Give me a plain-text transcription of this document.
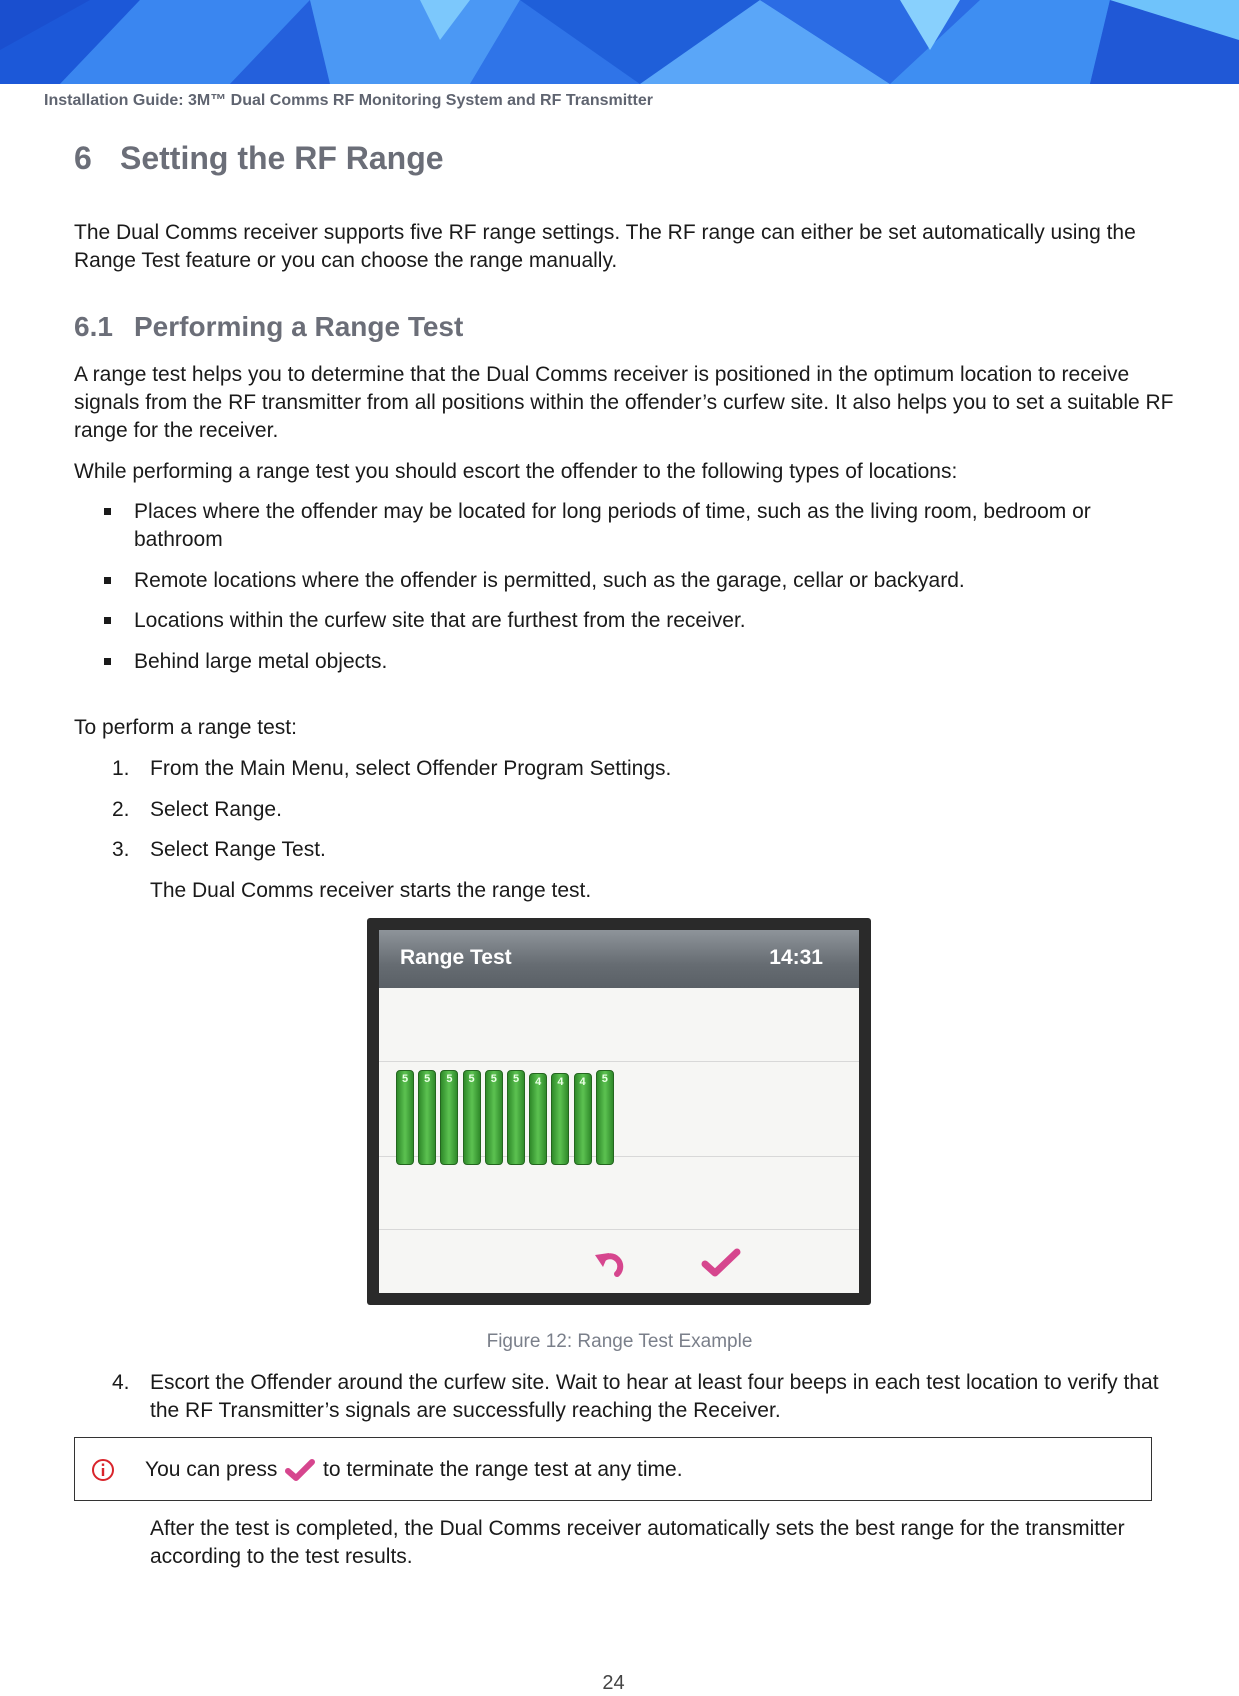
Installation Guide: 3M™ Dual Comms RF Monitoring System and RF Transmitter
6 Setting the RF Range

The Dual Comms receiver supports five RF range settings. The RF range can either be set automatically using the Range Test feature or you can choose the range manually.

6.1 Performing a Range Test

A range test helps you to determine that the Dual Comms receiver is positioned in the optimum location to receive signals from the RF transmitter from all positions within the offender’s curfew site. It also helps you to set a suitable RF range for the receiver.

While performing a range test you should escort the offender to the following types of locations:

Places where the offender may be located for long periods of time, such as the living room, bedroom or bathroom
Remote locations where the offender is permitted, such as the garage, cellar or backyard.
Locations within the curfew site that are furthest from the receiver.
Behind large metal objects.

To perform a range test:

1. From the Main Menu, select Offender Program Settings.
2. Select Range.
3. Select Range Test.
The Dual Comms receiver starts the range test.
Range Test	14:31
5	5	5	5	5	5	4	4	4	5
Figure 12: Range Test Example
4. Escort the Offender around the curfew site. Wait to hear at least four beeps in each test location to verify that the RF Transmitter’s signals are successfully reaching the Receiver.
You can press to terminate the range test at any time.
After the test is completed, the Dual Comms receiver automatically sets the best range for the transmitter according to the test results.
24
